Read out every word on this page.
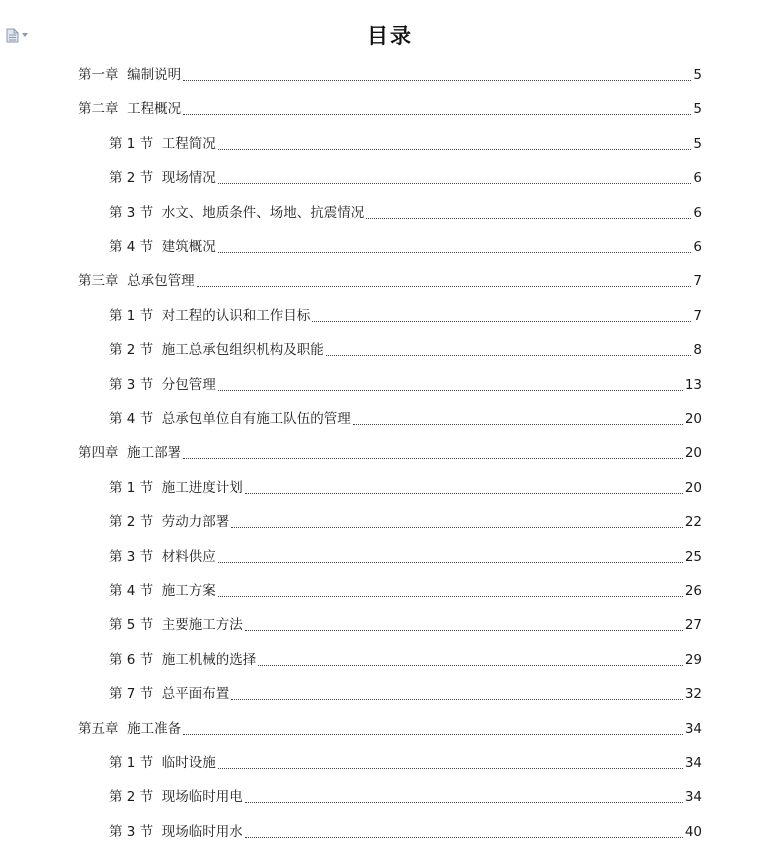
目录
第一章  编制说明	5
第二章  工程概况	5
第 1 节  工程简况	5
第 2 节  现场情况	6
第 3 节  水文、地质条件、场地、抗震情况	6
第 4 节  建筑概况	6
第三章  总承包管理	7
第 1 节  对工程的认识和工作目标	7
第 2 节  施工总承包组织机构及职能	8
第 3 节  分包管理	13
第 4 节  总承包单位自有施工队伍的管理	20
第四章  施工部署	20
第 1 节  施工进度计划	20
第 2 节  劳动力部署	22
第 3 节  材料供应	25
第 4 节  施工方案	26
第 5 节  主要施工方法	27
第 6 节  施工机械的选择	29
第 7 节  总平面布置	32
第五章  施工准备	34
第 1 节  临时设施	34
第 2 节  现场临时用电	34
第 3 节  现场临时用水	40
